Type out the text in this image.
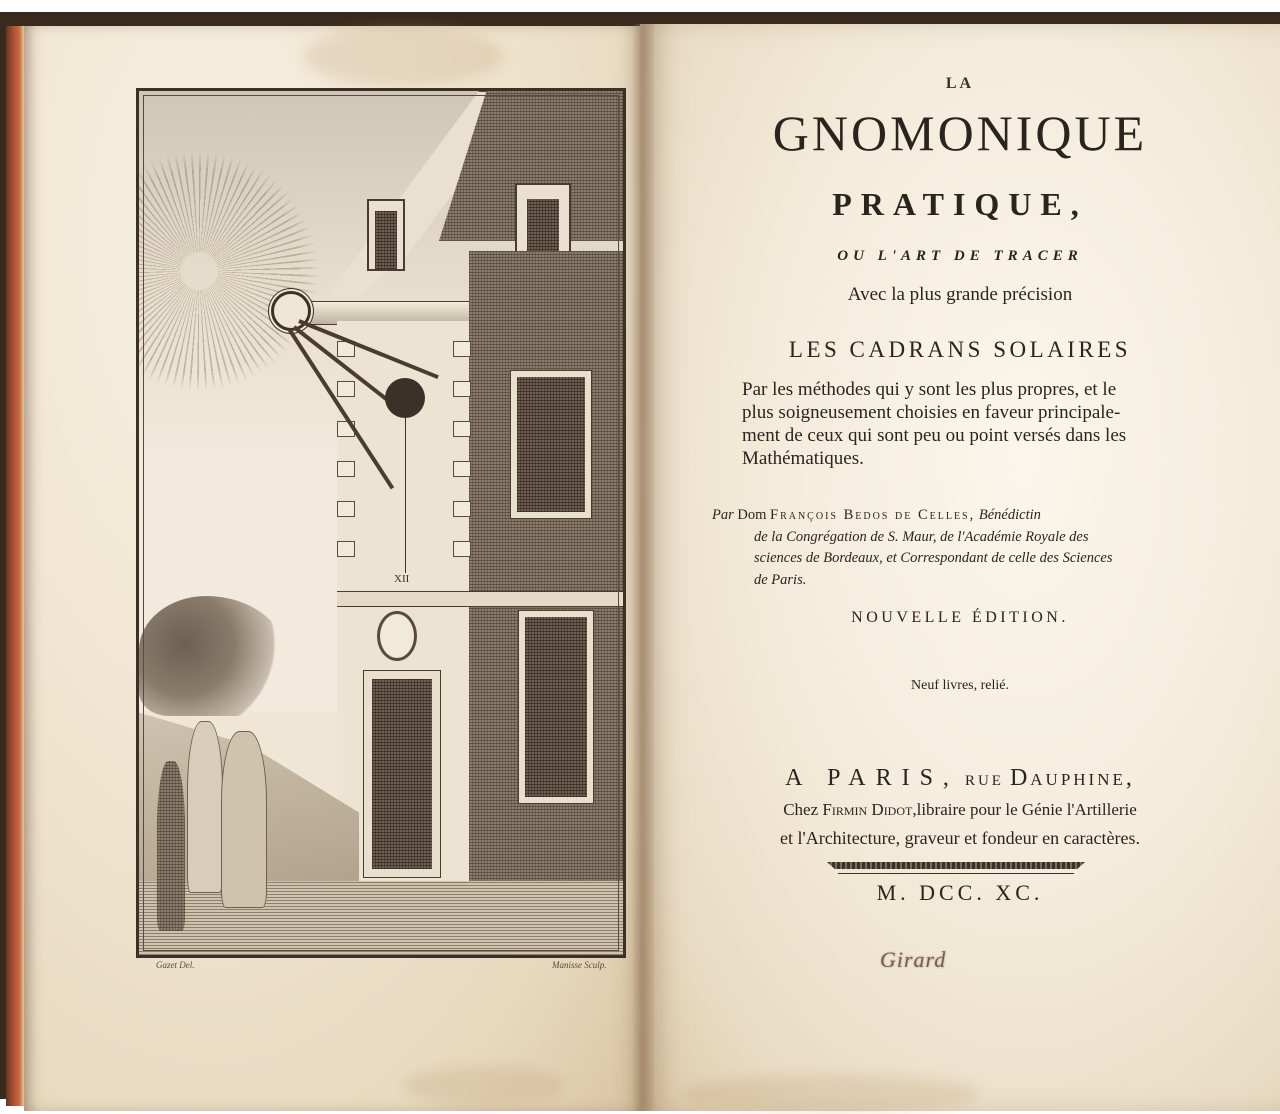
XII
Gazet Del.	Manisse Sculp.
LA
GNOMONIQUE
PRATIQUE,
OU L'ART DE TRACER
Avec la plus grande précision
LES CADRANS SOLAIRES
Par les méthodes qui y sont les plus propres, et le
plus soigneusement choisies en faveur principale-
ment de ceux qui sont peu ou point versés dans les
Mathématiques.
Par Dom François Bedos de Celles, Bénédictin
de la Congrégation de S. Maur, de l'Académie Royale des
sciences de Bordeaux, et Correspondant de celle des Sciences
de Paris.
NOUVELLE ÉDITION.
Neuf livres, relié.
A PARIS, RUE Dauphine,
Chez Firmin Didot,libraire pour le Génie l'Artillerie
et l'Architecture, graveur et fondeur en caractères.
M. DCC. XC.
Girard
